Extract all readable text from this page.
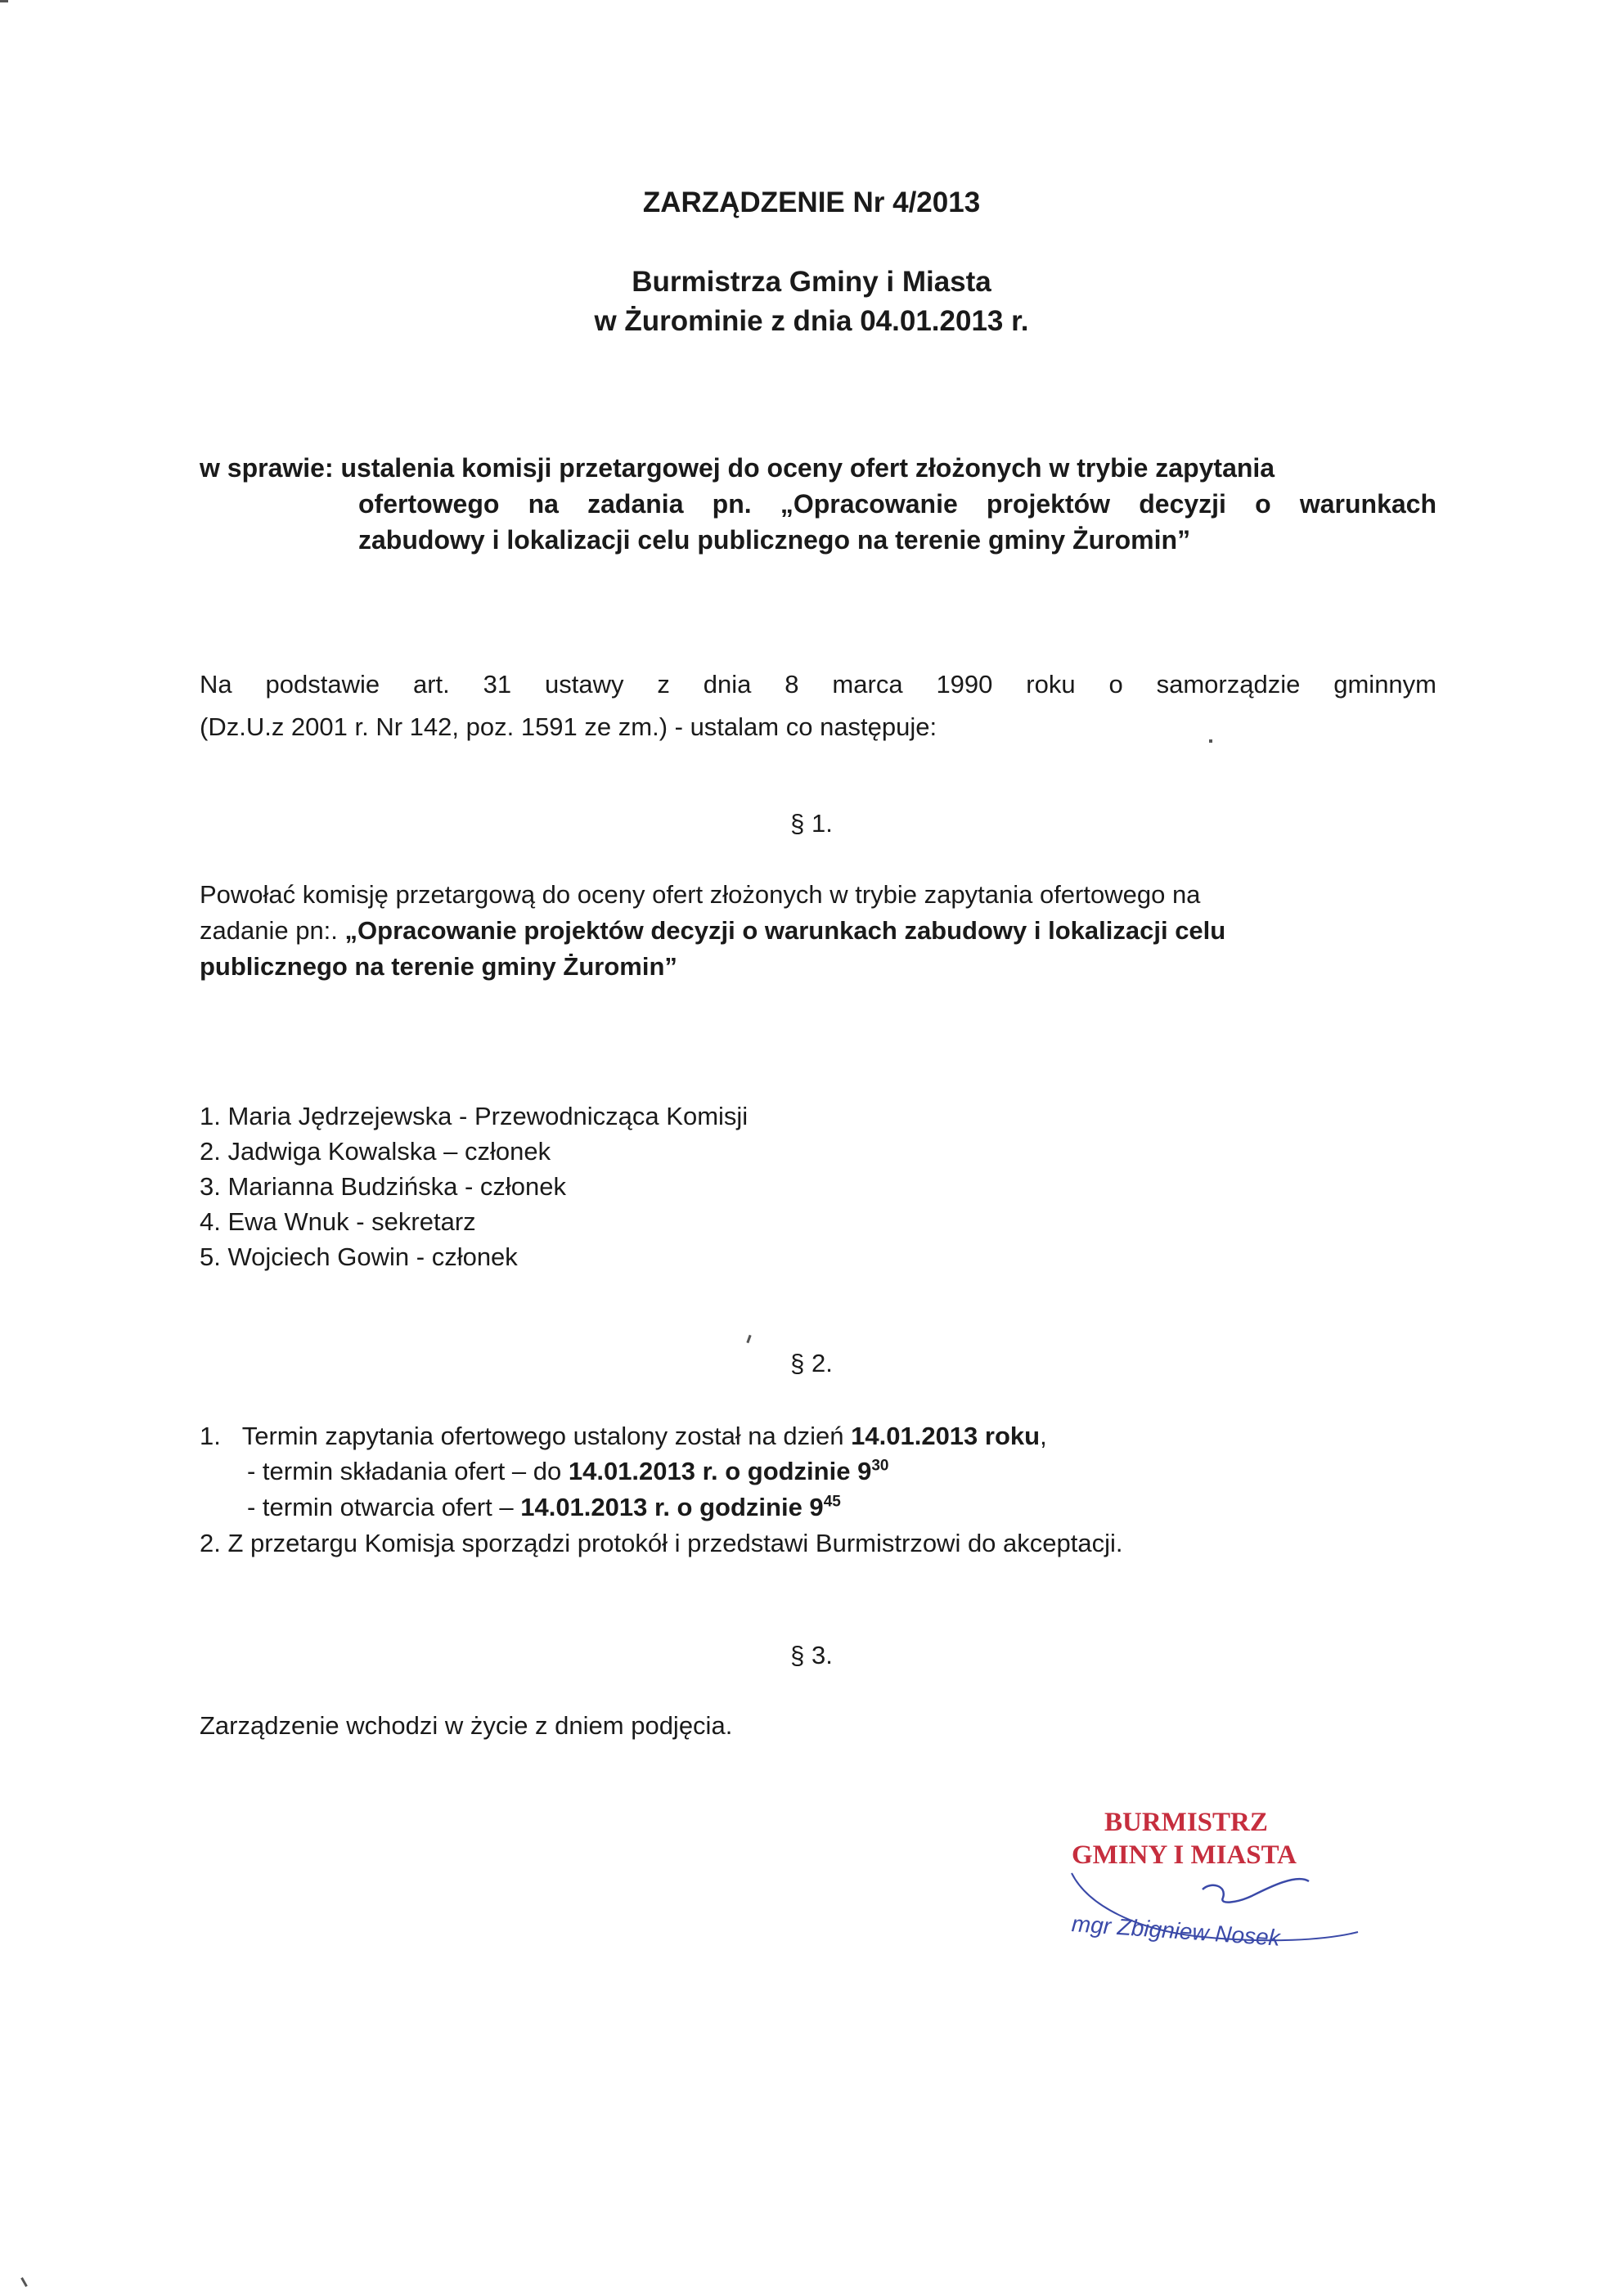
ZARZĄDZENIE Nr 4/2013
Burmistrza Gminy i Miasta
w Żurominie z dnia 04.01.2013 r.
w sprawie: ustalenia komisji przetargowej do oceny ofert złożonych w trybie zapytania
ofertowego na zadania pn. „Opracowanie projektów decyzji o warunkach
zabudowy i lokalizacji celu publicznego na terenie gminy Żuromin”
Na podstawie art. 31 ustawy z dnia 8 marca 1990 roku o samorządzie gminnym
(Dz.U.z 2001 r. Nr 142, poz. 1591 ze zm.) - ustalam co następuje:
§ 1.
Powołać komisję przetargową do oceny ofert złożonych w trybie zapytania ofertowego na
zadanie pn:. „Opracowanie projektów decyzji o warunkach zabudowy i lokalizacji celu
publicznego na terenie gminy Żuromin”
1. Maria Jędrzejewska - Przewodnicząca Komisji
2. Jadwiga Kowalska – członek
3. Marianna Budzińska - członek
4. Ewa Wnuk - sekretarz
5. Wojciech Gowin - członek
§ 2.
1. Termin zapytania ofertowego ustalony został na dzień 14.01.2013 roku,
- termin składania ofert – do 14.01.2013 r. o godzinie $9^{30}$
- termin otwarcia ofert – 14.01.2013 r. o godzinie $9^{45}$
2. Z przetargu Komisja sporządzi protokół i przedstawi Burmistrzowi do akceptacji.
§ 3.
Zarządzenie wchodzi w życie z dniem podjęcia.
BURMISTRZ
GMINY I MIASTA
mgr Zbigniew Nosek
